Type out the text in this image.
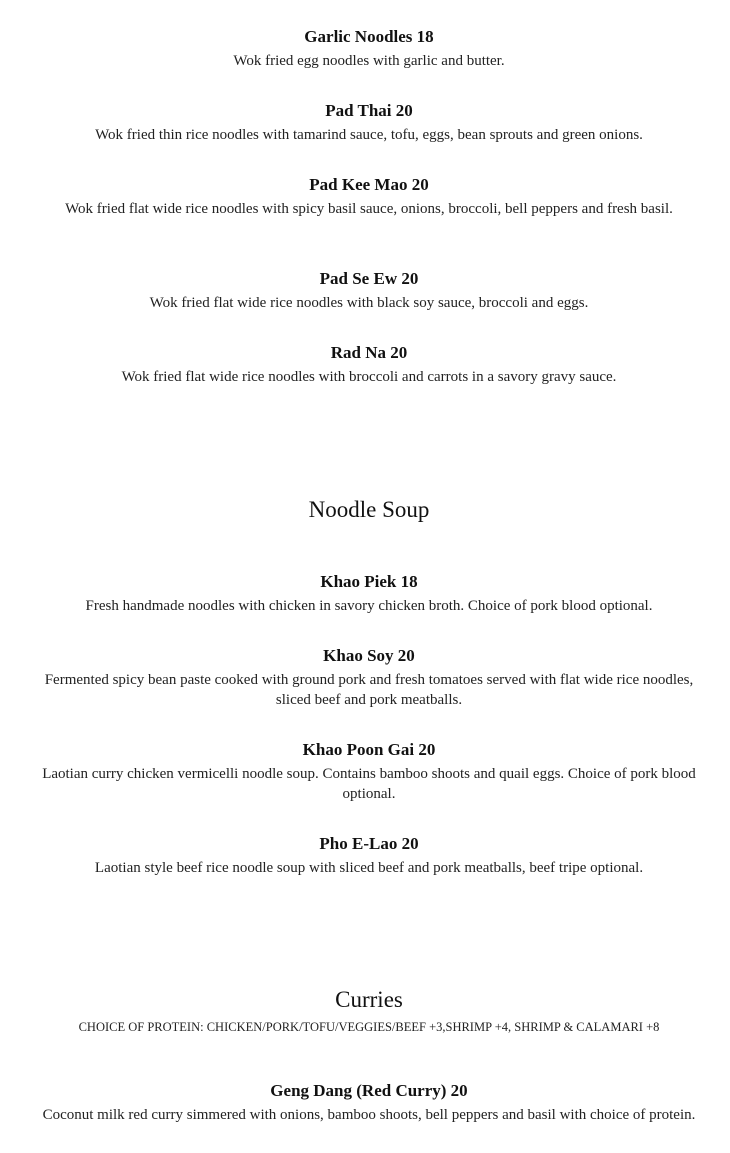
Garlic Noodles 18
Wok fried egg noodles with garlic and butter.
Pad Thai 20
Wok fried thin rice noodles with tamarind sauce, tofu, eggs, bean sprouts and green onions.
Pad Kee Mao 20
Wok fried flat wide rice noodles with spicy basil sauce, onions, broccoli, bell peppers and fresh basil.
Pad Se Ew 20
Wok fried flat wide rice noodles with black soy sauce, broccoli and eggs.
Rad Na 20
Wok fried flat wide rice noodles with broccoli and carrots in a savory gravy sauce.
Noodle Soup
Khao Piek 18
Fresh handmade noodles with chicken in savory chicken broth. Choice of pork blood optional.
Khao Soy 20
Fermented spicy bean paste cooked with ground pork and fresh tomatoes served with flat wide rice noodles, sliced beef and pork meatballs.
Khao Poon Gai 20
Laotian curry chicken vermicelli noodle soup. Contains bamboo shoots and quail eggs. Choice of pork blood optional.
Pho E-Lao 20
Laotian style beef rice noodle soup with sliced beef and pork meatballs, beef tripe optional.
Curries
CHOICE OF PROTEIN: CHICKEN/PORK/TOFU/VEGGIES/BEEF +3,SHRIMP +4, SHRIMP & CALAMARI +8
Geng Dang (Red Curry) 20
Coconut milk red curry simmered with onions, bamboo shoots, bell peppers and basil with choice of protein.
